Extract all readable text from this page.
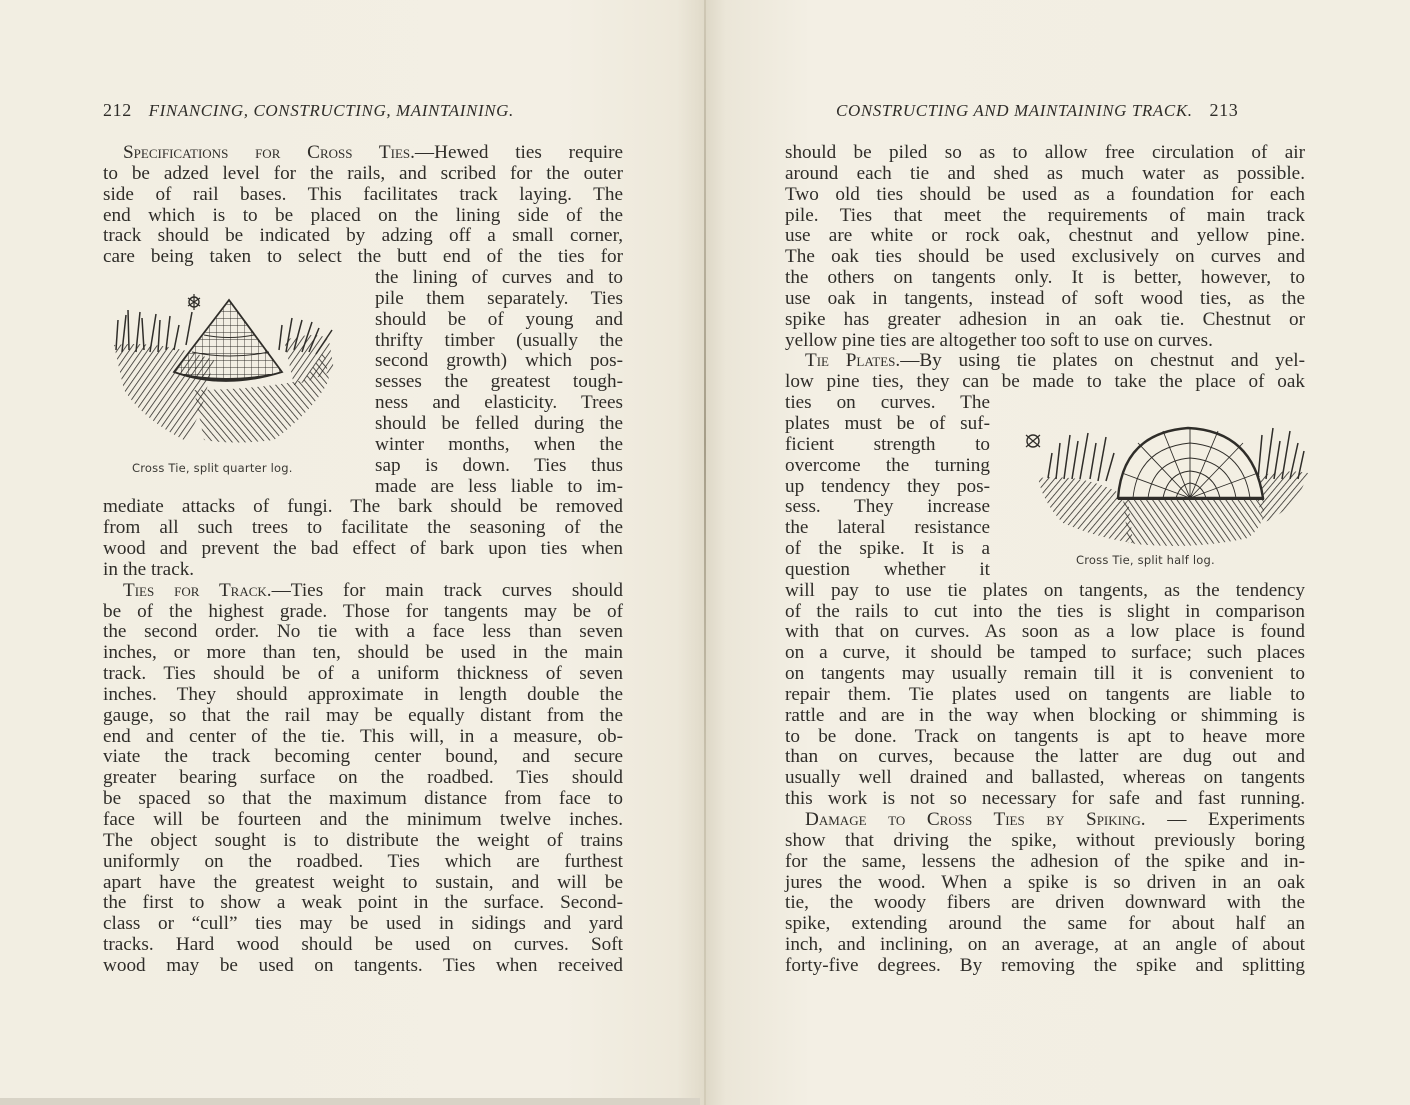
212 FINANCING, CONSTRUCTING, MAINTAINING.
Specifications for Cross Ties.—Hewed ties require
to be adzed level for the rails, and scribed for the outer
side of rail bases. This facilitates track laying. The
end which is to be placed on the lining side of the
track should be indicated by adzing off a small corner,
care being taken to select the butt end of the ties for
the lining of curves and to
pile them separately. Ties
should be of young and
thrifty timber (usually the
second growth) which pos-
sesses the greatest tough-
ness and elasticity. Trees
should be felled during the
winter months, when the
sap is down. Ties thus
made are less liable to im-
mediate attacks of fungi. The bark should be removed
from all such trees to facilitate the seasoning of the
wood and prevent the bad effect of bark upon ties when
in the track.
Ties for Track.—Ties for main track curves should
be of the highest grade. Those for tangents may be of
the second order. No tie with a face less than seven
inches, or more than ten, should be used in the main
track. Ties should be of a uniform thickness of seven
inches. They should approximate in length double the
gauge, so that the rail may be equally distant from the
end and center of the tie. This will, in a measure, ob-
viate the track becoming center bound, and secure
greater bearing surface on the roadbed. Ties should
be spaced so that the maximum distance from face to
face will be fourteen and the minimum twelve inches.
The object sought is to distribute the weight of trains
uniformly on the roadbed. Ties which are furthest
apart have the greatest weight to sustain, and will be
the first to show a weak point in the surface. Second-
class or “cull” ties may be used in sidings and yard
tracks. Hard wood should be used on curves. Soft
wood may be used on tangents. Ties when received
Cross Tie, split quarter log.
CONSTRUCTING AND MAINTAINING TRACK. 213
should be piled so as to allow free circulation of air
around each tie and shed as much water as possible.
Two old ties should be used as a foundation for each
pile. Ties that meet the requirements of main track
use are white or rock oak, chestnut and yellow pine.
The oak ties should be used exclusively on curves and
the others on tangents only. It is better, however, to
use oak in tangents, instead of soft wood ties, as the
spike has greater adhesion in an oak tie. Chestnut or
yellow pine ties are altogether too soft to use on curves.
Tie Plates.—By using tie plates on chestnut and yel-
low pine ties, they can be made to take the place of oak
ties on curves. The
plates must be of suf-
ficient strength to
overcome the turning
up tendency they pos-
sess. They increase
the lateral resistance
of the spike. It is a
question whether it
will pay to use tie plates on tangents, as the tendency
of the rails to cut into the ties is slight in comparison
with that on curves. As soon as a low place is found
on a curve, it should be tamped to surface; such places
on tangents may usually remain till it is convenient to
repair them. Tie plates used on tangents are liable to
rattle and are in the way when blocking or shimming is
to be done. Track on tangents is apt to heave more
than on curves, because the latter are dug out and
usually well drained and ballasted, whereas on tangents
this work is not so necessary for safe and fast running.
Damage to Cross Ties by Spiking. — Experiments
show that driving the spike, without previously boring
for the same, lessens the adhesion of the spike and in-
jures the wood. When a spike is so driven in an oak
tie, the woody fibers are driven downward with the
spike, extending around the same for about half an
inch, and inclining, on an average, at an angle of about
forty-five degrees. By removing the spike and splitting
Cross Tie, split half log.
